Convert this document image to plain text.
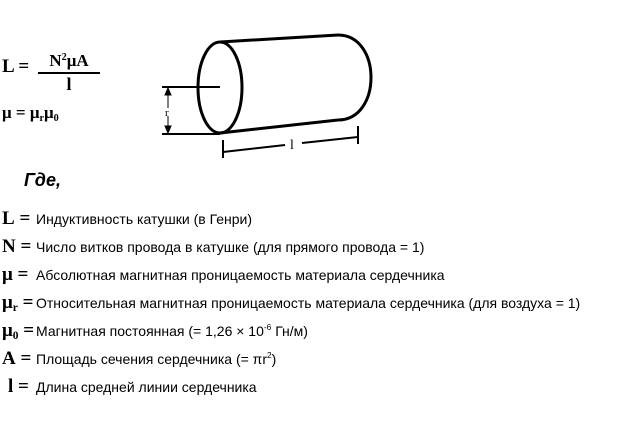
L =	$N^2\mu A$
l
$\mu = \mu_r\mu_0$	r
l
Где,
L = Индуктивность катушки (в Генри)
N = Число витков провода в катушке (для прямого провода = 1)
μ = Абсолютная магнитная проницаемость материала сердечника
$\mu_r$ = Относительная магнитная проницаемость материала сердечника (для воздуха = 1)
$\mu_0$ = Магнитная постоянная (= $1,26 \times 10^{-6}$ Гн/м)
A = Площадь сечения сердечника (= $\pi r^2$)
l = Длина средней линии сердечника
